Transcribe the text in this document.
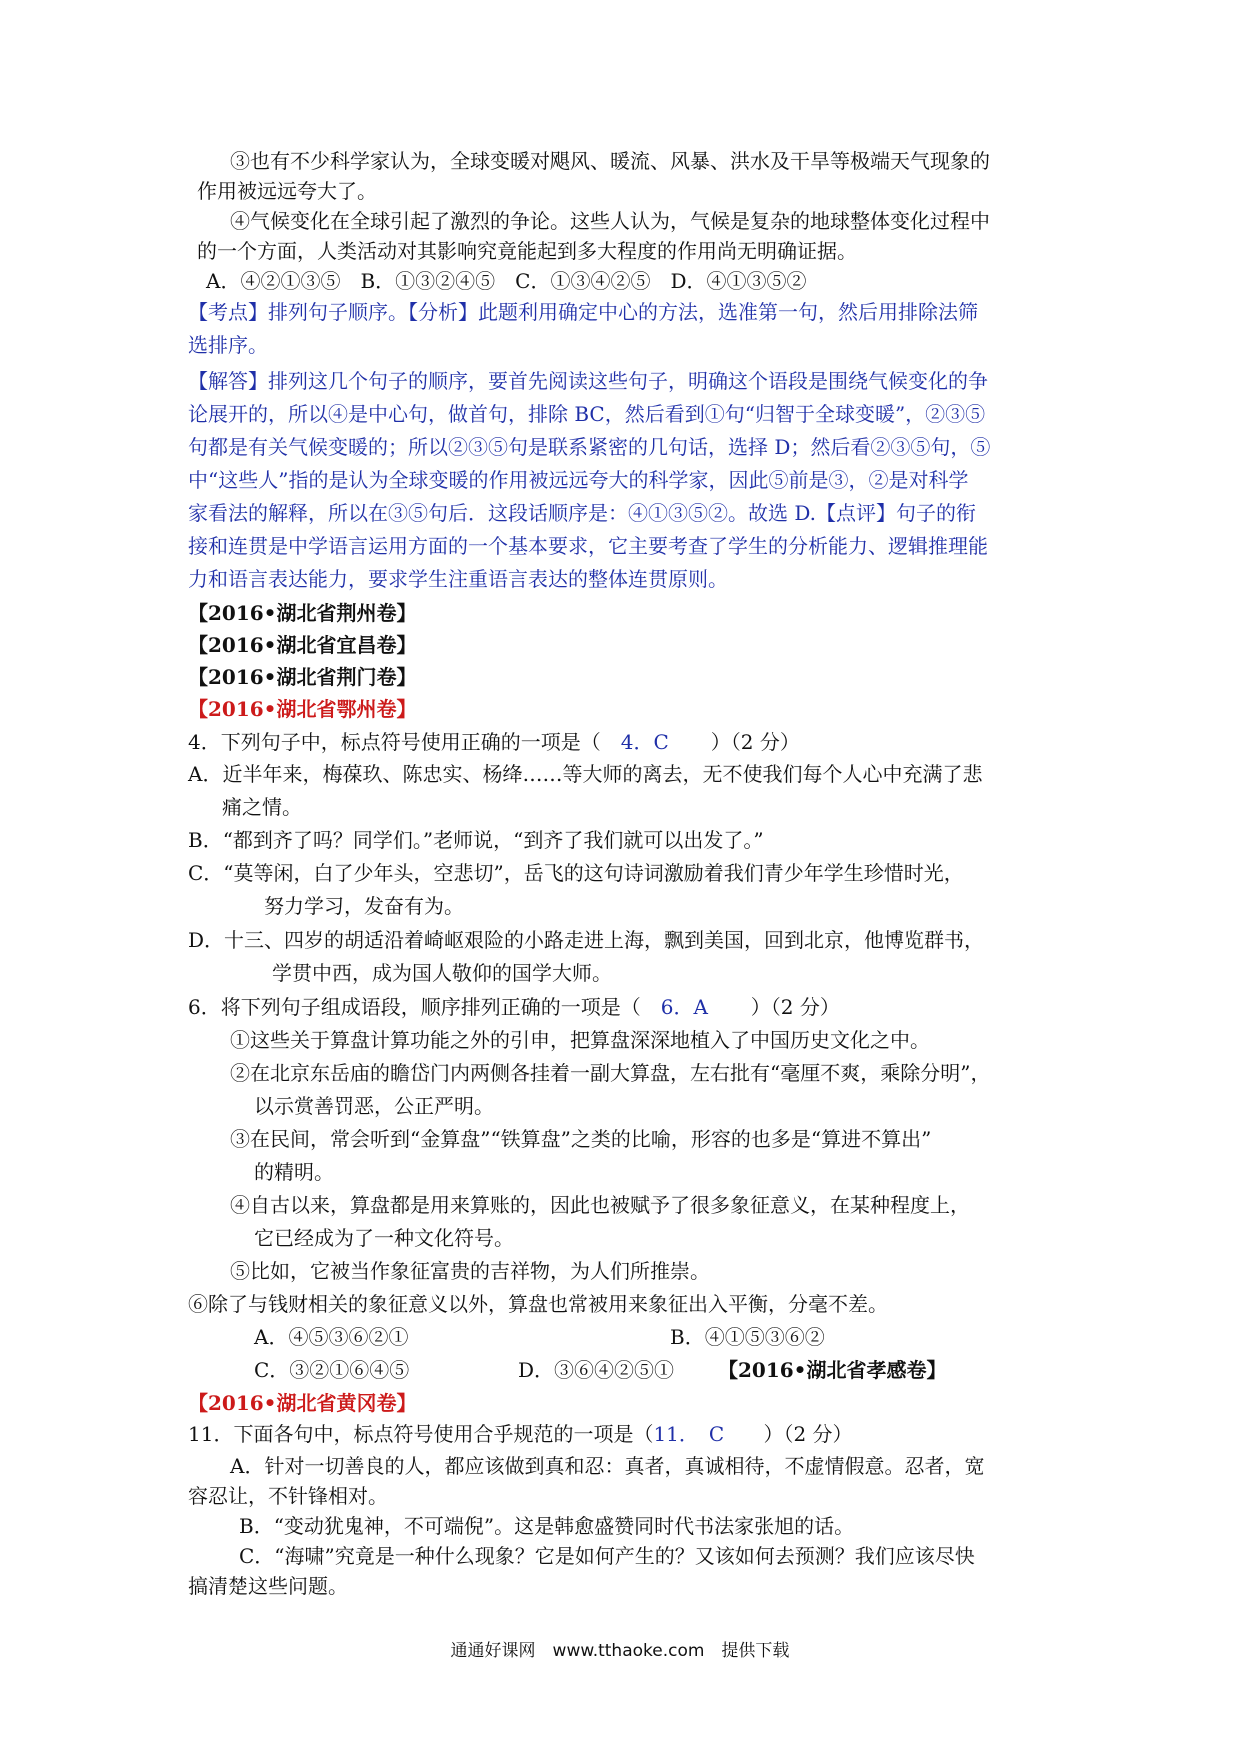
③也有不少科学家认为，全球变暖对飓风、暖流、风暴、洪水及干旱等极端天气现象的
作用被远远夸大了。
④气候变化在全球引起了激烈的争论。这些人认为，气候是复杂的地球整体变化过程中
的一个方面，人类活动对其影响究竟能起到多大程度的作用尚无明确证据。
A．④②①③⑤　B．①③②④⑤　C．①③④②⑤　D．④①③⑤②
【考点】排列句子顺序。【分析】此题利用确定中心的方法，选准第一句，然后用排除法筛
选排序。
【解答】排列这几个句子的顺序，要首先阅读这些句子，明确这个语段是围绕气候变化的争
论展开的，所以④是中心句，做首句，排除 BC，然后看到①句“归智于全球变暖”，②③⑤
句都是有关气候变暖的；所以②③⑤句是联系紧密的几句话，选择 D；然后看②③⑤句，⑤
中“这些人”指的是认为全球变暖的作用被远远夸大的科学家，因此⑤前是③，②是对科学
家看法的解释，所以在③⑤句后．这段话顺序是：④①③⑤②。故选 D.【点评】句子的衔
接和连贯是中学语言运用方面的一个基本要求，它主要考查了学生的分析能力、逻辑推理能
力和语言表达能力，要求学生注重语言表达的整体连贯原则。
【2016•湖北省荆州卷】
【2016•湖北省宜昌卷】
【2016•湖北省荆门卷】
【2016•湖北省鄂州卷】
4．下列句子中，标点符号使用正确的一项是（ 4．C ）（2 分）
A．近半年来，梅葆玖、陈忠实、杨绛……等大师的离去，无不使我们每个人心中充满了悲
痛之情。
B．“都到齐了吗？同学们。”老师说，“到齐了我们就可以出发了。”
C．“莫等闲，白了少年头，空悲切”，岳飞的这句诗词激励着我们青少年学生珍惜时光，
努力学习，发奋有为。
D．十三、四岁的胡适沿着崎岖艰险的小路走进上海，飘到美国，回到北京，他博览群书，
学贯中西，成为国人敬仰的国学大师。
6．将下列句子组成语段，顺序排列正确的一项是（ 6．A ）（2 分）
①这些关于算盘计算功能之外的引申，把算盘深深地植入了中国历史文化之中。
②在北京东岳庙的瞻岱门内两侧各挂着一副大算盘，左右批有“毫厘不爽，乘除分明”，
以示赏善罚恶，公正严明。
③在民间，常会听到“金算盘”“铁算盘”之类的比喻，形容的也多是“算进不算出”
的精明。
④自古以来，算盘都是用来算账的，因此也被赋予了很多象征意义，在某种程度上，
它已经成为了一种文化符号。
⑤比如，它被当作象征富贵的吉祥物，为人们所推崇。
⑥除了与钱财相关的象征意义以外，算盘也常被用来象征出入平衡，分毫不差。
A．④⑤③⑥②①	B．④①⑤③⑥②
C．③②①⑥④⑤	D．③⑥④②⑤① 【2016•湖北省孝感卷】
【2016•湖北省黄冈卷】
11．下面各句中，标点符号使用合乎规范的一项是（11．　C ）（2 分）
A．针对一切善良的人，都应该做到真和忍：真者，真诚相待，不虚情假意。忍者，宽
容忍让，不针锋相对。
B．“变动犹鬼神，不可端倪”。这是韩愈盛赞同时代书法家张旭的话。
C．“海啸”究竟是一种什么现象？它是如何产生的？又该如何去预测？我们应该尽快
搞清楚这些问题。
通通好课网　www.tthaoke.com　提供下载
